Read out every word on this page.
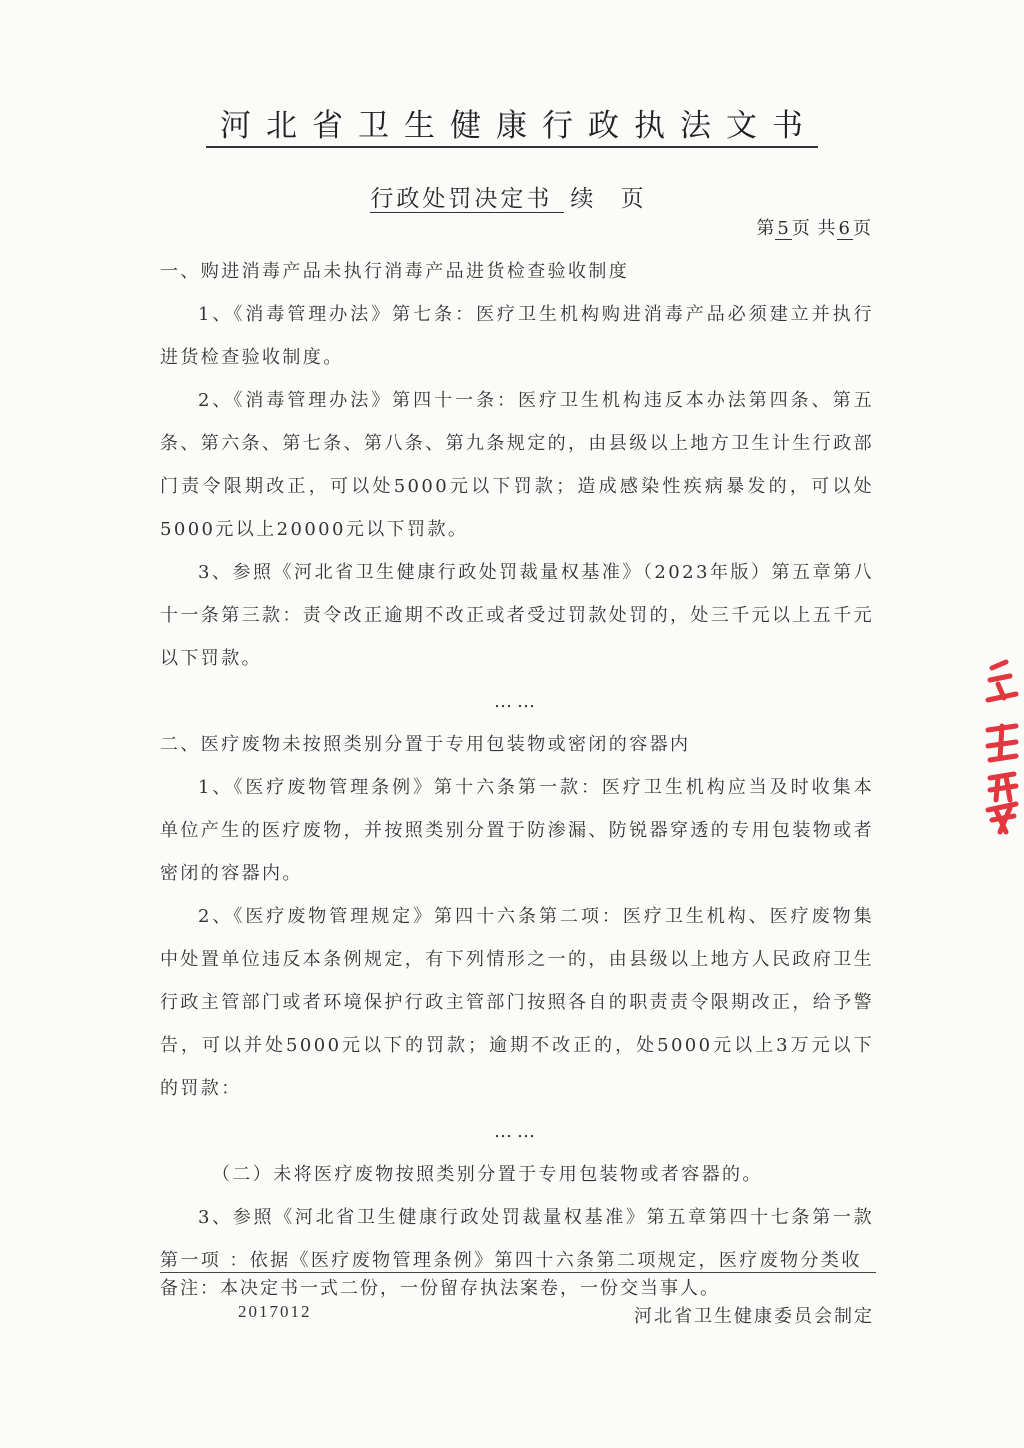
河北省卫生健康行政执法文书
行政处罚决定书 续 页
第 5 页 共 6 页

一、购进消毒产品未执行消毒产品进货检查验收制度

1、《消毒管理办法》第七条：医疗卫生机构购进消毒产品必须建立并执行进货检查验收制度。

2、《消毒管理办法》第四十一条：医疗卫生机构违反本办法第四条、第五条、第六条、第七条、第八条、第九条规定的，由县级以上地方卫生计生行政部门责令限期改正，可以处5000元以下罚款；造成感染性疾病暴发的，可以处5000元以上20000元以下罚款。

3、参照《河北省卫生健康行政处罚裁量权基准》（2023年版）第五章第八十一条第三款：责令改正逾期不改正或者受过罚款处罚的，处三千元以上五千元以下罚款。

……

二、医疗废物未按照类别分置于专用包装物或密闭的容器内

1、《医疗废物管理条例》第十六条第一款：医疗卫生机构应当及时收集本单位产生的医疗废物，并按照类别分置于防渗漏、防锐器穿透的专用包装物或者密闭的容器内。

2、《医疗废物管理规定》第四十六条第二项：医疗卫生机构、医疗废物集中处置单位违反本条例规定，有下列情形之一的，由县级以上地方人民政府卫生行政主管部门或者环境保护行政主管部门按照各自的职责责令限期改正，给予警告，可以并处5000元以下的罚款；逾期不改正的，处5000元以上3万元以下的罚款：

……

（二）未将医疗废物按照类别分置于专用包装物或者容器的。

3、参照《河北省卫生健康行政处罚裁量权基准》第五章第四十七条第一款第一项 ：依据《医疗废物管理条例》第四十六条第二项规定，医疗废物分类收

备注：本决定书一式二份，一份留存执法案卷，一份交当事人。
2017012	河北省卫生健康委员会制定
